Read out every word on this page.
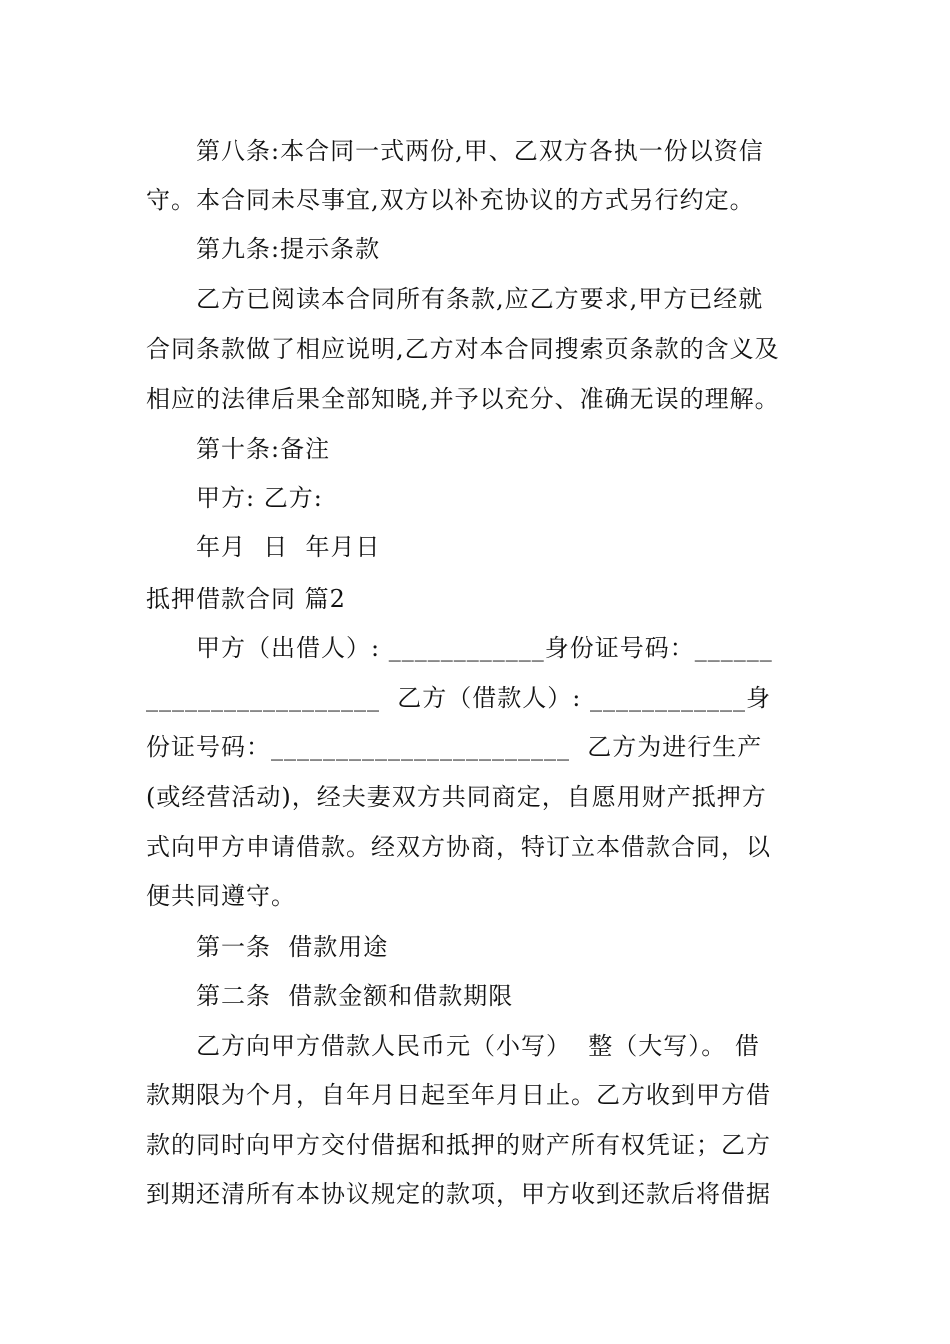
第八条:本合同一式两份,甲、乙双方各执一份以资信
守。本合同未尽事宜,双方以补充协议的方式另行约定。
第九条:提示条款
乙方已阅读本合同所有条款,应乙方要求,甲方已经就
合同条款做了相应说明,乙方对本合同搜索页条款的含义及
相应的法律后果全部知晓,并予以充分、准确无误的理解。
第十条:备注
甲方: 乙方:
年月  日  年月日
抵押借款合同 篇2
甲方（出借人）: ____________身份证号码：______
__________________  乙方（借款人）: ____________身
份证号码：_______________________  乙方为进行生产
(或经营活动)，经夫妻双方共同商定，自愿用财产抵押方
式向甲方申请借款。经双方协商，特订立本借款合同，以
便共同遵守。
第一条  借款用途
第二条  借款金额和借款期限
乙方向甲方借款人民币元（小写）  整（大写）。 借
款期限为个月，自年月日起至年月日止。乙方收到甲方借
款的同时向甲方交付借据和抵押的财产所有权凭证；乙方
到期还清所有本协议规定的款项，甲方收到还款后将借据
